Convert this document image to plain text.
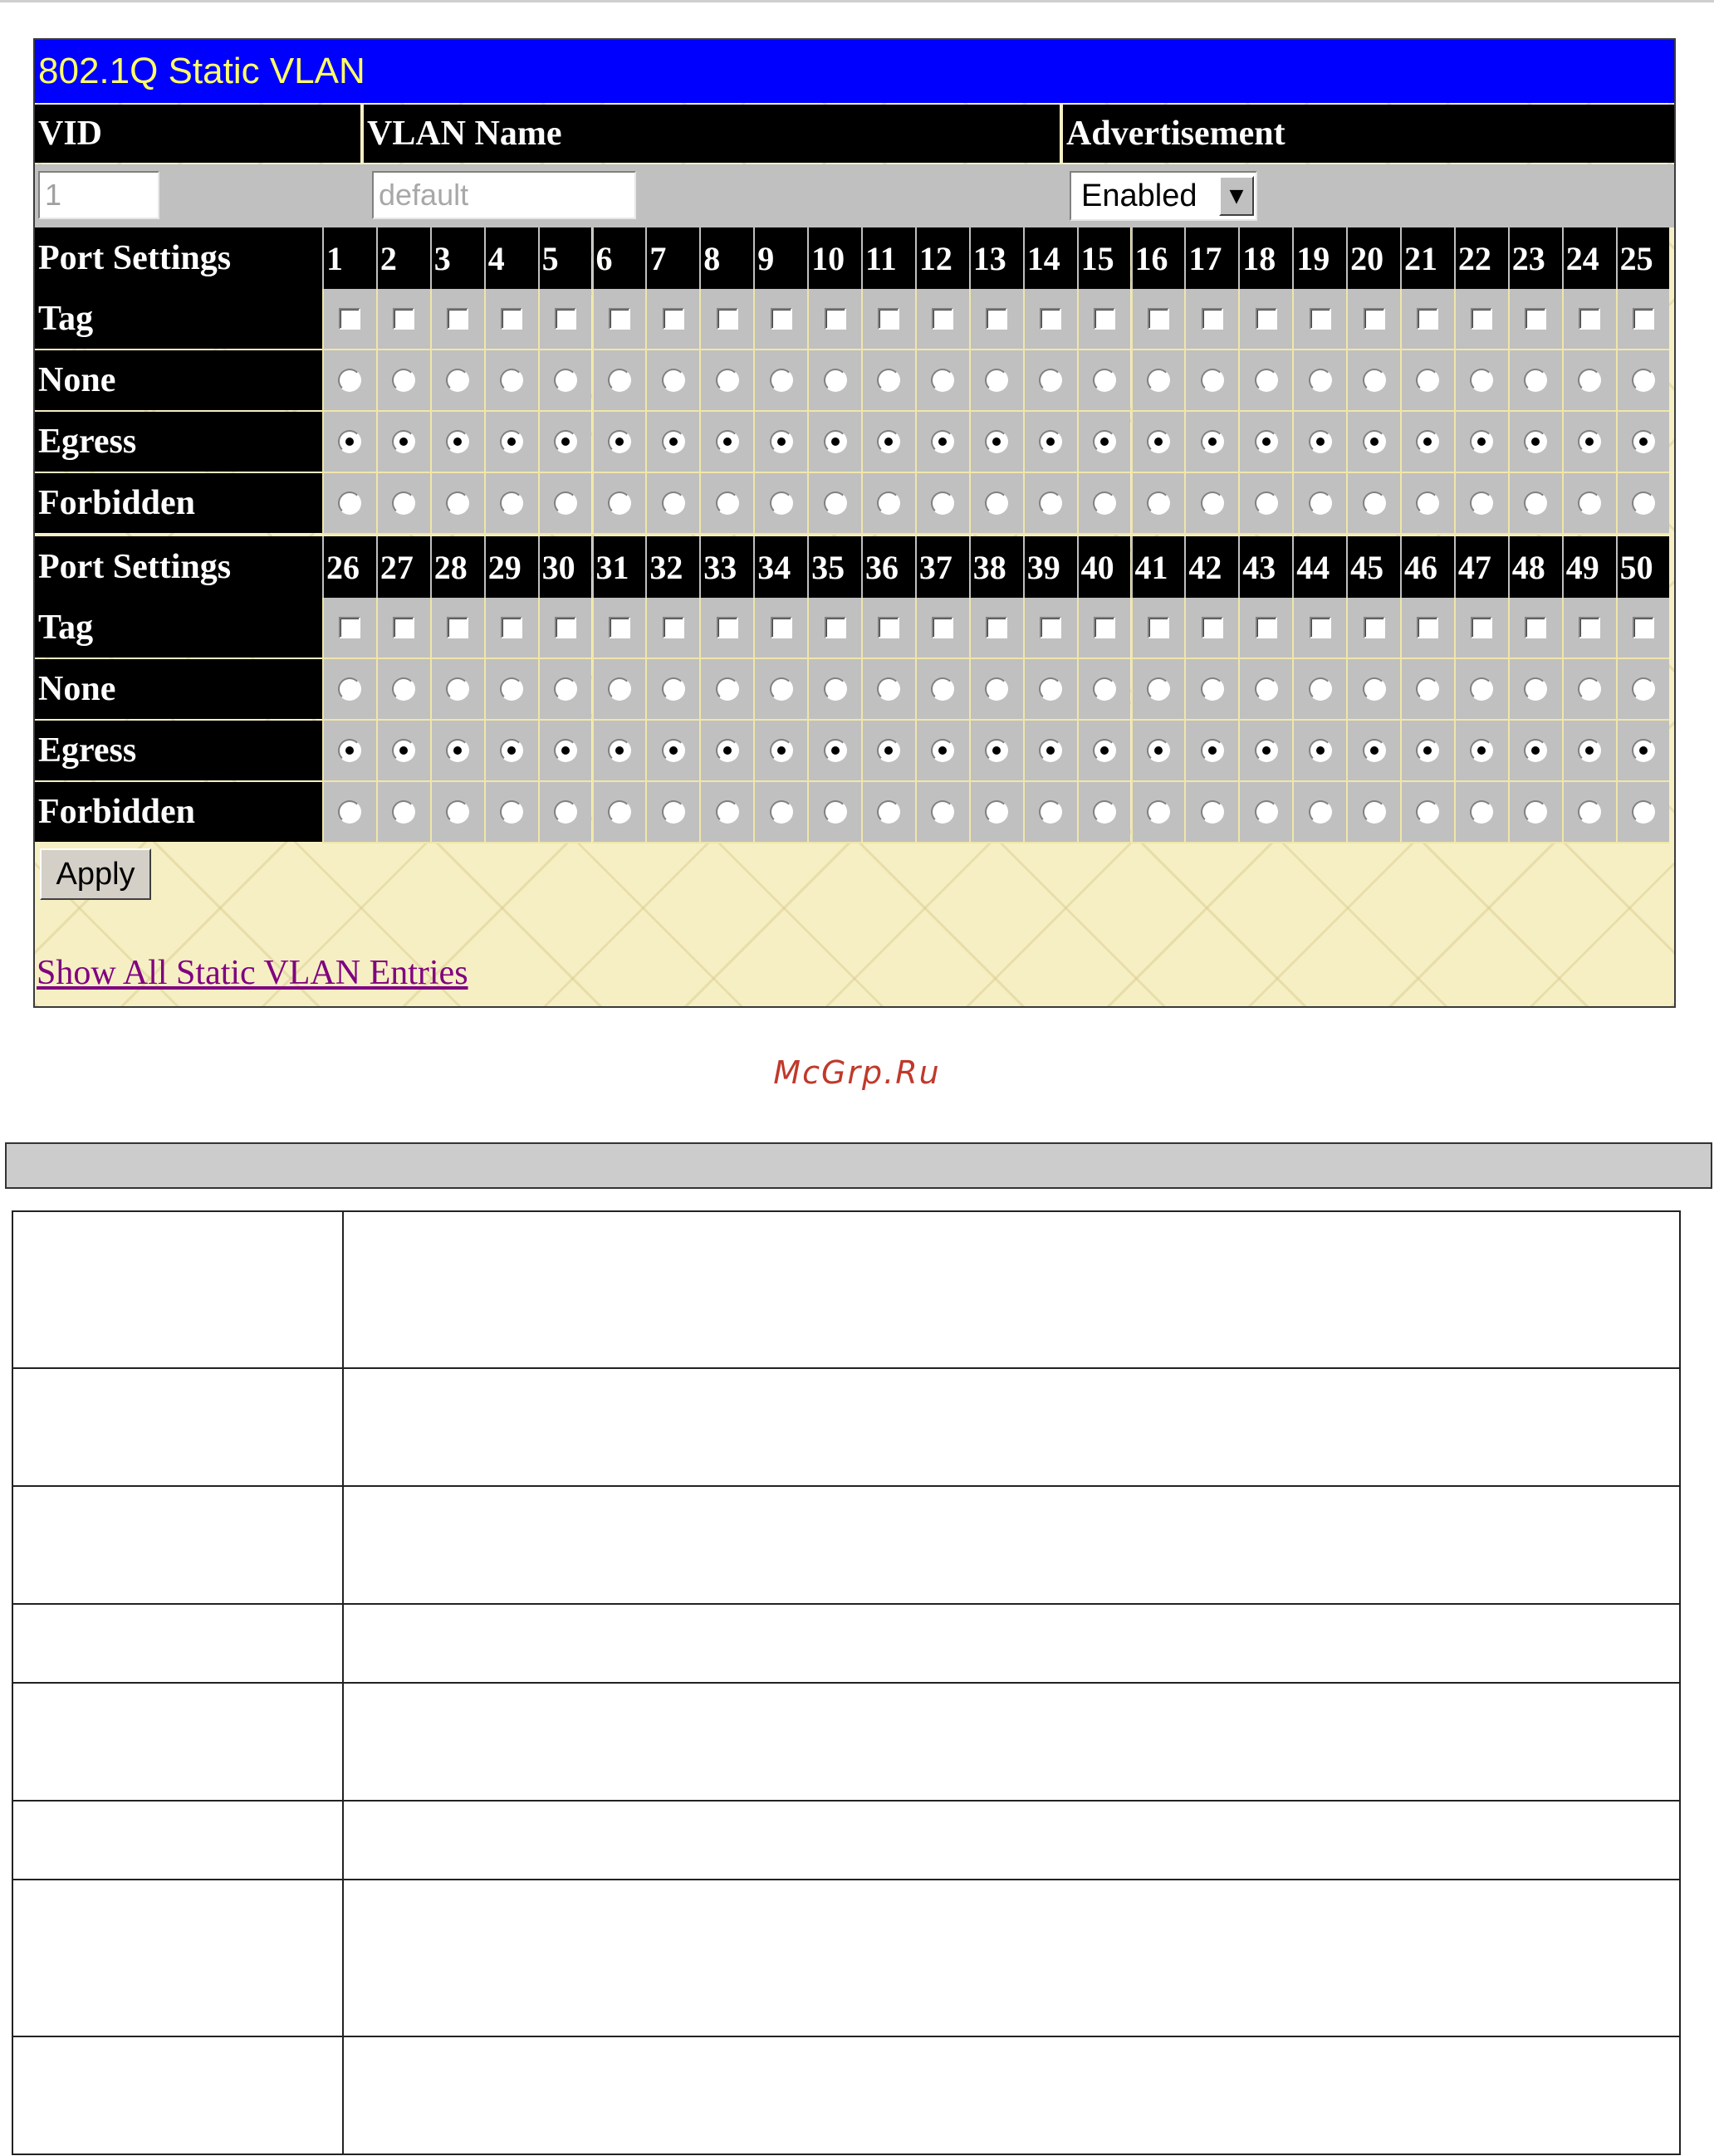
802.1Q Static VLAN
VID	VLAN Name	Advertisement
1	default	Enabled	▼
Port Settings	1	2	3	4	5	6	7	8	9	10 11 12 13 14 15 16 17 18 19 20 21 22 23 24 25
Tag
None
Egress
Forbidden
Port Settings	26 27 28 29 30 31 32 33 34 35 36 37 38 39 40 41 42 43 44 45 46 47 48 49 50
Tag
None
Egress
Forbidden
Apply
Show All Static VLAN Entries
McGrp.Ru
